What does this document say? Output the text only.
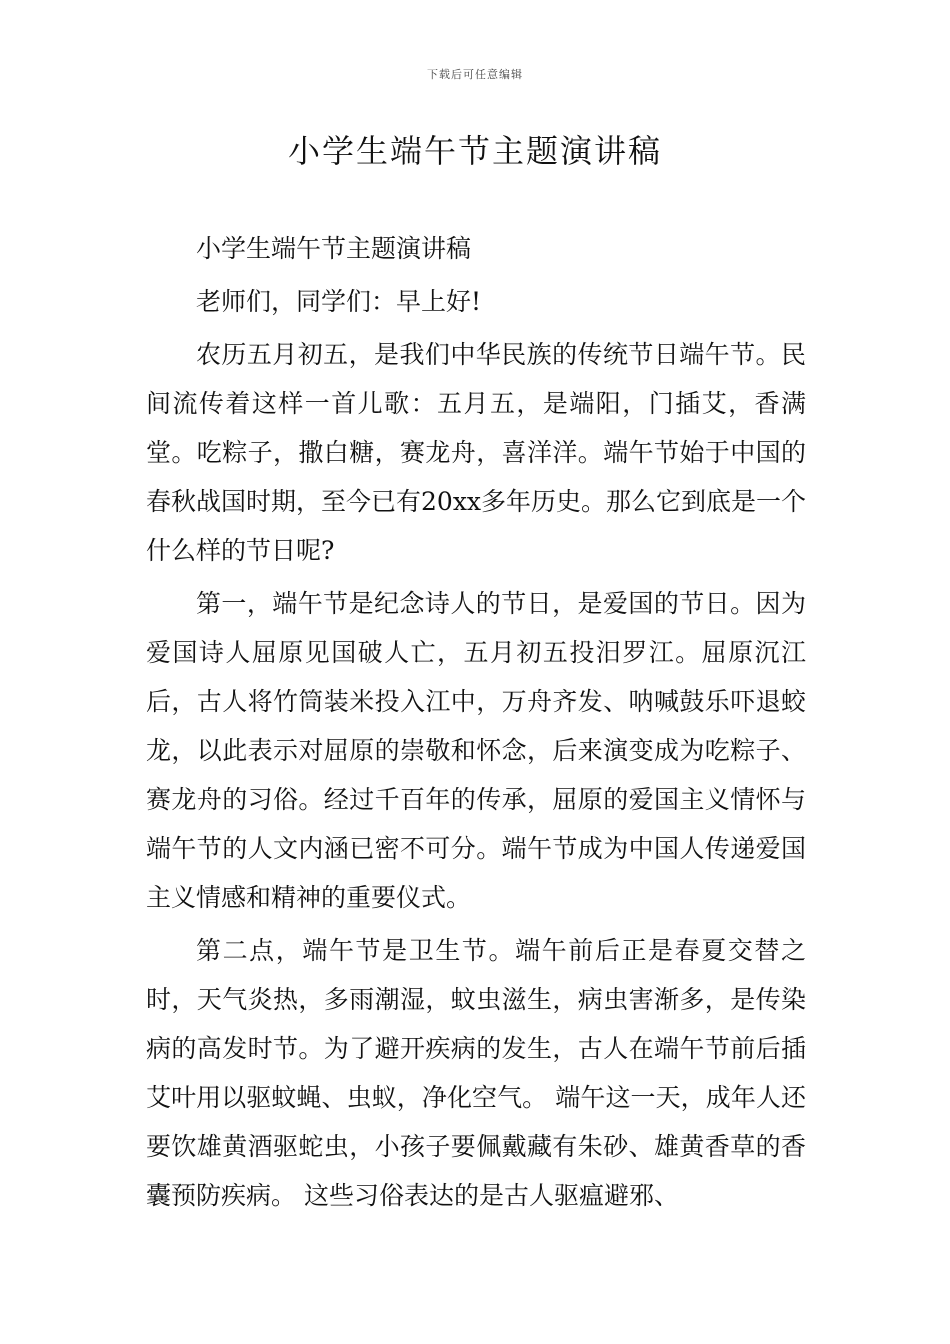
下载后可任意编辑
小学生端午节主题演讲稿

小学生端午节主题演讲稿

老师们，同学们：早上好!

农历五月初五，是我们中华民族的传统节日端午节。民间流传着这样一首儿歌：五月五，是端阳，门插艾，香满堂。吃粽子，撒白糖，赛龙舟，喜洋洋。端午节始于中国的春秋战国时期，至今已有20xx多年历史。那么它到底是一个什么样的节日呢?

第一，端午节是纪念诗人的节日，是爱国的节日。因为爱国诗人屈原见国破人亡，五月初五投汨罗江。屈原沉江后，古人将竹筒装米投入江中，万舟齐发、呐喊鼓乐吓退蛟龙，以此表示对屈原的崇敬和怀念，后来演变成为吃粽子、赛龙舟的习俗。经过千百年的传承，屈原的爱国主义情怀与端午节的人文内涵已密不可分。端午节成为中国人传递爱国主义情感和精神的重要仪式。

第二点，端午节是卫生节。端午前后正是春夏交替之时，天气炎热，多雨潮湿，蚊虫滋生，病虫害渐多，是传染病的高发时节。为了避开疾病的发生，古人在端午节前后插艾叶用以驱蚊蝇、虫蚁，净化空气。 端午这一天，成年人还要饮雄黄酒驱蛇虫，小孩子要佩戴藏有朱砂、雄黄香草的香囊预防疾病。 这些习俗表达的是古人驱瘟避邪、
